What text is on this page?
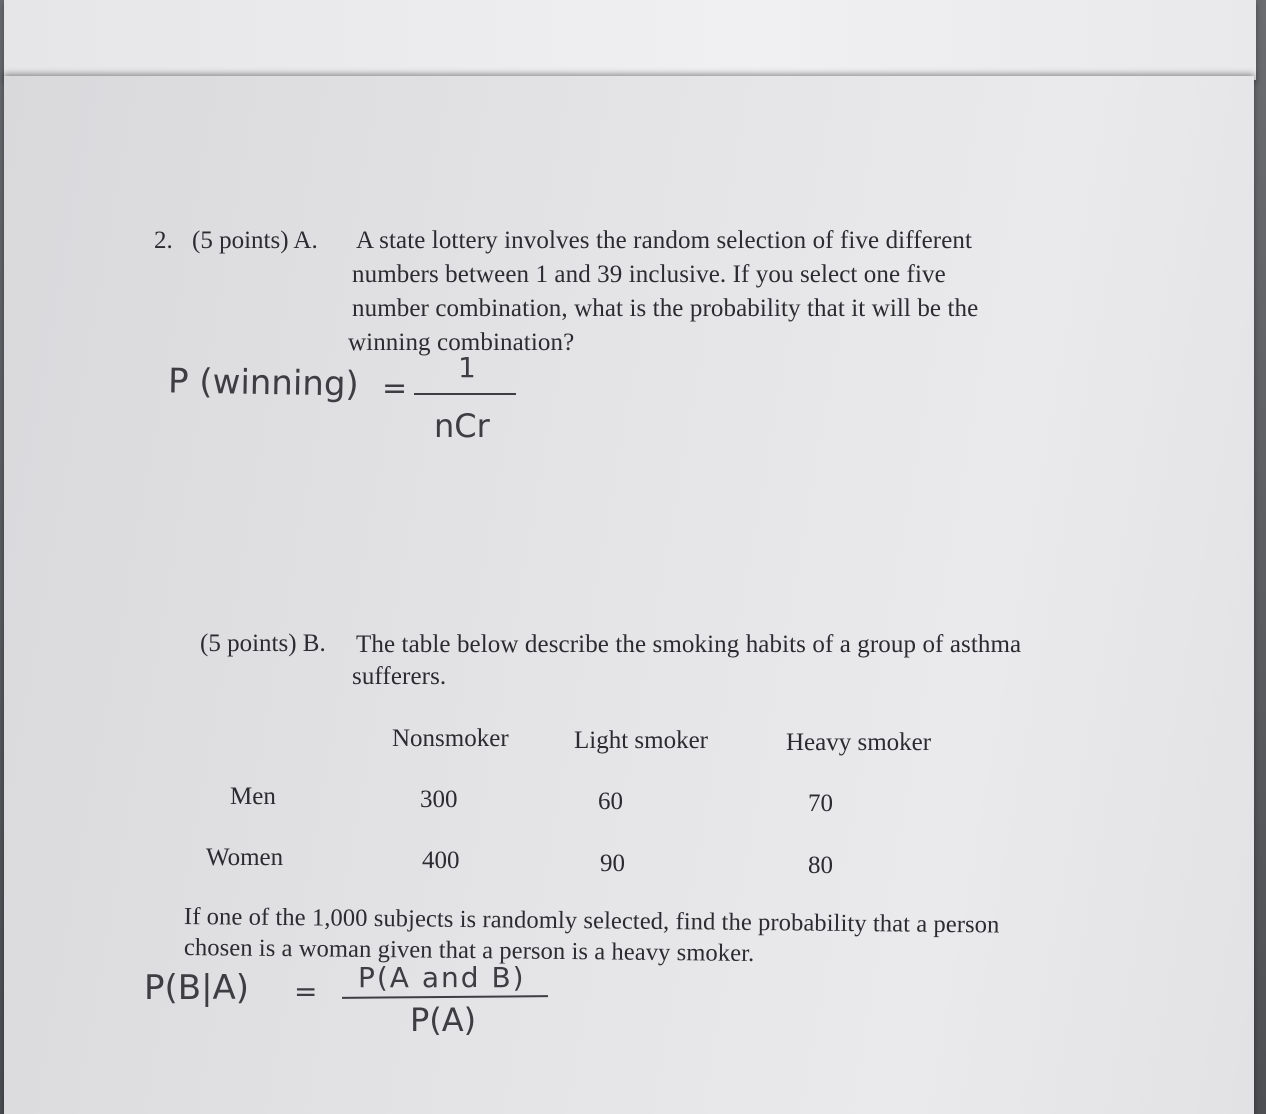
2. (5 points) A. A state lottery involves the random selection of five different
numbers between 1 and 39 inclusive. If you select one five
number combination, what is the probability that it will be the
winning combination?
P (winning) =
1
nCr
(5 points) B. The table below describe the smoking habits of a group of asthma
sufferers.
Nonsmoker	Light smoker	Heavy smoker
Men	300	60	70
Women	400	90	80
If one of the 1,000 subjects is randomly selected, find the probability that a person
chosen is a woman given that a person is a heavy smoker.
P(B|A) = P(A and B)
P(A)
